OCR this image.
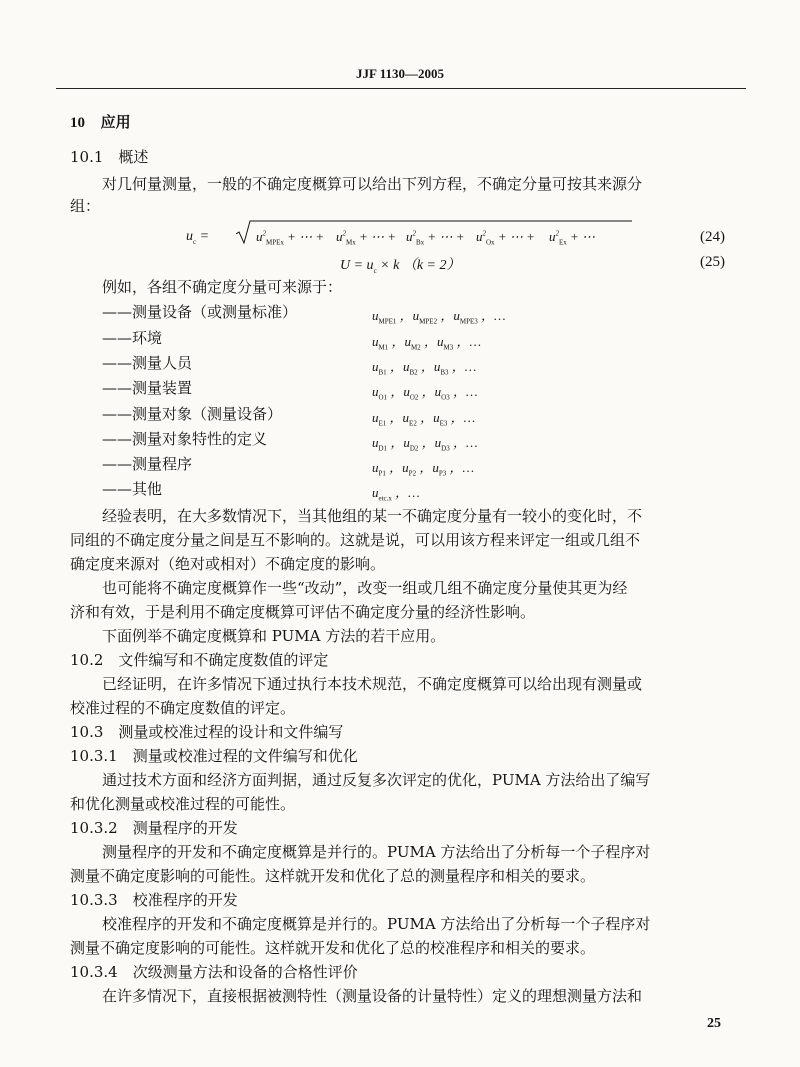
JJF 1130—2005
10 应用
10.1　概述
对几何量测量，一般的不确定度概算可以给出下列方程，不确定分量可按其来源分
组：
$u_c$ =	$u^2_{MPEx}$ + ⋯ + $u^2_{Mx}$ + ⋯ + $u^2_{Bx}$ + ⋯ + $u^2_{Ox}$ + ⋯ + $u^2_{Ex}$ + ⋯	(24)
$U = u_c \times k$ （k = 2）	(25)
例如，各组不确定度分量可来源于：
——测量设备（或测量标准）	$u_{MPE1}$ ，$u_{MPE2}$ ，$u_{MPE3}$ ，…
——环境	$u_{M1}$ ，$u_{M2}$ ，$u_{M3}$ ，…
——测量人员	$u_{B1}$ ，$u_{B2}$ ，$u_{B3}$ ，…
——测量装置	$u_{O1}$ ，$u_{O2}$ ，$u_{O3}$ ，…
——测量对象（测量设备）	$u_{E1}$ ，$u_{E2}$ ，$u_{E3}$ ，…
——测量对象特性的定义	$u_{D1}$ ，$u_{D2}$ ，$u_{D3}$ ，…
——测量程序	$u_{P1}$ ，$u_{P2}$ ，$u_{P3}$ ，…
——其他	$u_{etc.x}$ ，…
经验表明，在大多数情况下，当其他组的某一不确定度分量有一较小的变化时，不
同组的不确定度分量之间是互不影响的。这就是说，可以用该方程来评定一组或几组不
确定度来源对（绝对或相对）不确定度的影响。
也可能将不确定度概算作一些“改动”，改变一组或几组不确定度分量使其更为经
济和有效，于是利用不确定度概算可评估不确定度分量的经济性影响。
下面例举不确定度概算和 PUMA 方法的若干应用。
10.2　文件编写和不确定度数值的评定
已经证明，在许多情况下通过执行本技术规范，不确定度概算可以给出现有测量或
校准过程的不确定度数值的评定。
10.3　测量或校准过程的设计和文件编写
10.3.1　测量或校准过程的文件编写和优化
通过技术方面和经济方面判据，通过反复多次评定的优化，PUMA 方法给出了编写
和优化测量或校准过程的可能性。
10.3.2　测量程序的开发
测量程序的开发和不确定度概算是并行的。PUMA 方法给出了分析每一个子程序对
测量不确定度影响的可能性。这样就开发和优化了总的测量程序和相关的要求。
10.3.3　校准程序的开发
校准程序的开发和不确定度概算是并行的。PUMA 方法给出了分析每一个子程序对
测量不确定度影响的可能性。这样就开发和优化了总的校准程序和相关的要求。
10.3.4　次级测量方法和设备的合格性评价
在许多情况下，直接根据被测特性（测量设备的计量特性）定义的理想测量方法和
25
